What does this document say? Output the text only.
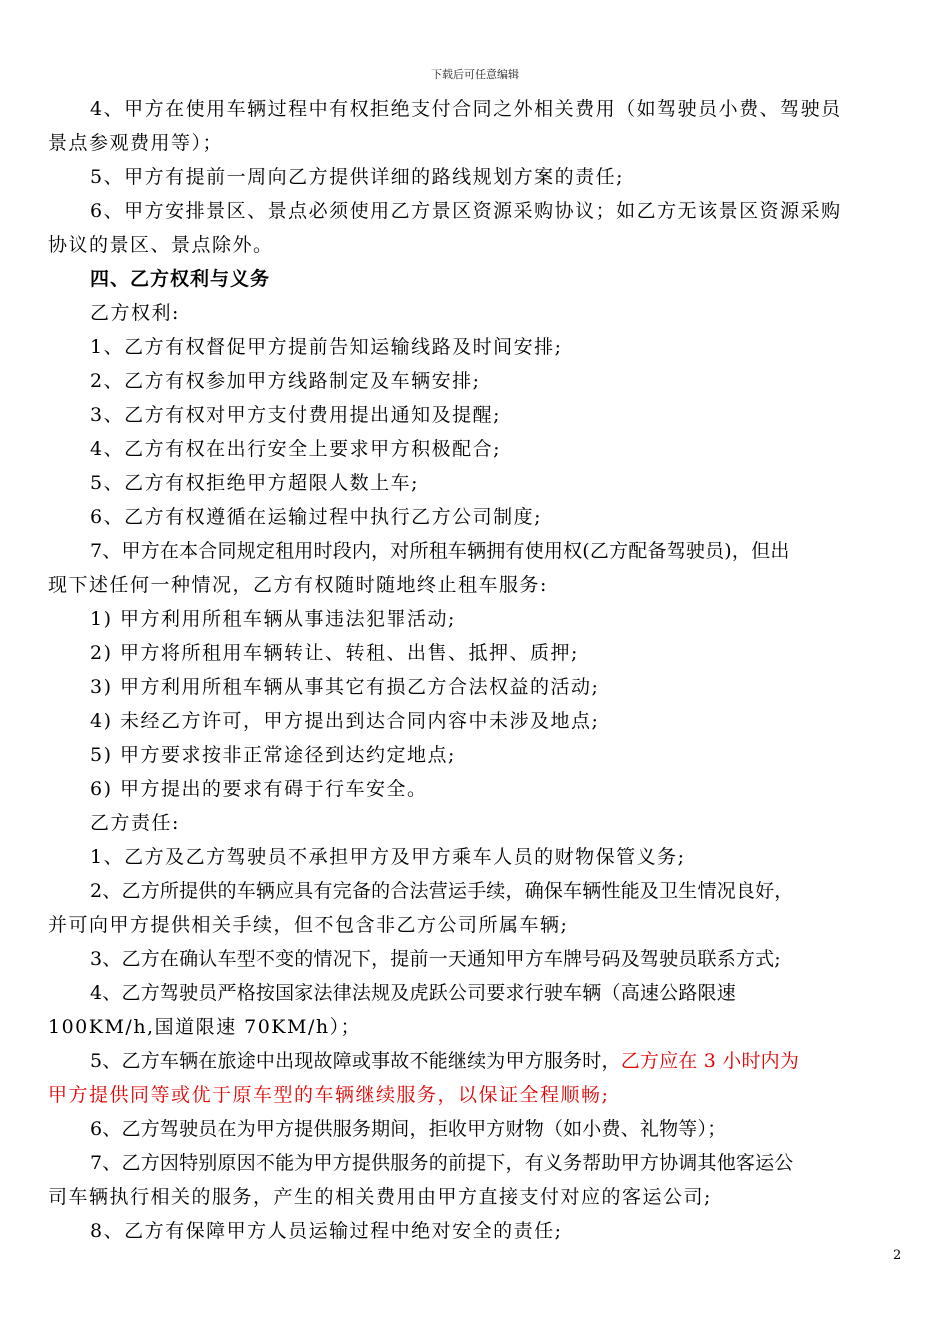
下载后可任意编辑
4、甲方在使用车辆过程中有权拒绝支付合同之外相关费用（如驾驶员小费、驾驶员
景点参观费用等）；
5、甲方有提前一周向乙方提供详细的路线规划方案的责任;
6、甲方安排景区、景点必须使用乙方景区资源采购协议；如乙方无该景区资源采购
协议的景区、景点除外。
四、乙方权利与义务
乙方权利:
1、乙方有权督促甲方提前告知运输线路及时间安排;
2、乙方有权参加甲方线路制定及车辆安排;
3、乙方有权对甲方支付费用提出通知及提醒;
4、乙方有权在出行安全上要求甲方积极配合;
5、乙方有权拒绝甲方超限人数上车;
6、乙方有权遵循在运输过程中执行乙方公司制度;
7、甲方在本合同规定租用时段内，对所租车辆拥有使用权(乙方配备驾驶员)，但出
现下述任何一种情况，乙方有权随时随地终止租车服务:
1) 甲方利用所租车辆从事违法犯罪活动;
2) 甲方将所租用车辆转让、转租、出售、抵押、质押;
3) 甲方利用所租车辆从事其它有损乙方合法权益的活动;
4) 未经乙方许可，甲方提出到达合同内容中未涉及地点;
5) 甲方要求按非正常途径到达约定地点;
6) 甲方提出的要求有碍于行车安全。
乙方责任:
1、乙方及乙方驾驶员不承担甲方及甲方乘车人员的财物保管义务;
2、乙方所提供的车辆应具有完备的合法营运手续，确保车辆性能及卫生情况良好，
并可向甲方提供相关手续，但不包含非乙方公司所属车辆;
3、乙方在确认车型不变的情况下，提前一天通知甲方车牌号码及驾驶员联系方式;
4、乙方驾驶员严格按国家法律法规及虎跃公司要求行驶车辆（高速公路限速
100KM/h,国道限速 70KM/h）；
5、乙方车辆在旅途中出现故障或事故不能继续为甲方服务时，乙方应在 3 小时内为
甲方提供同等或优于原车型的车辆继续服务，以保证全程顺畅;
6、乙方驾驶员在为甲方提供服务期间，拒收甲方财物（如小费、礼物等）；
7、乙方因特别原因不能为甲方提供服务的前提下，有义务帮助甲方协调其他客运公
司车辆执行相关的服务，产生的相关费用由甲方直接支付对应的客运公司;
8、乙方有保障甲方人员运输过程中绝对安全的责任;
2
